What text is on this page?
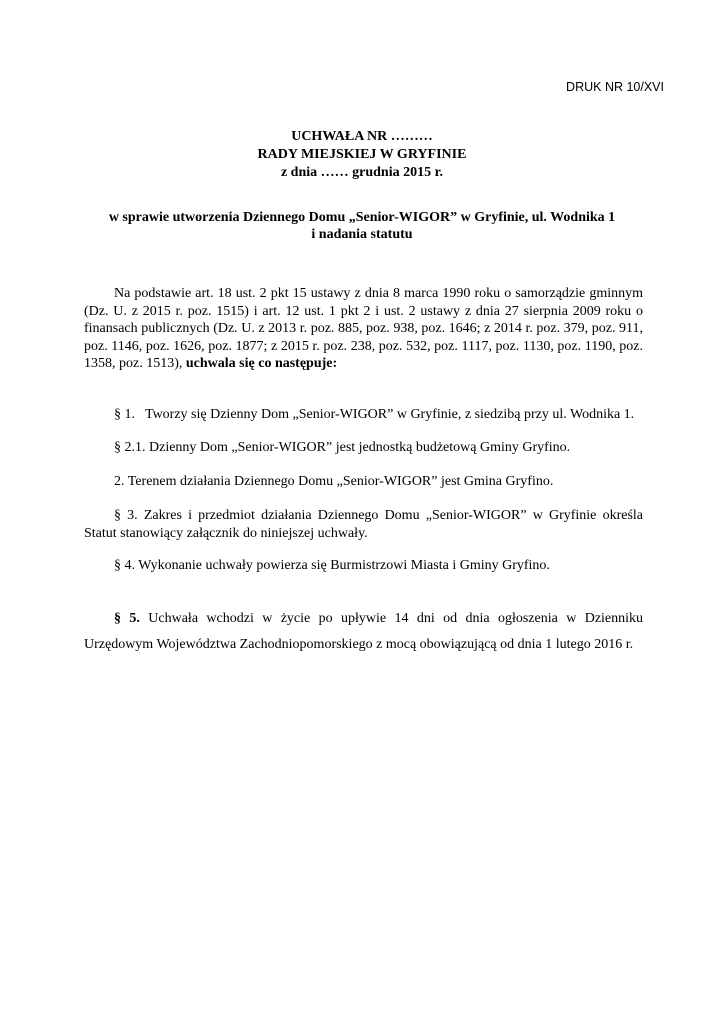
DRUK NR 10/XVI
UCHWAŁA NR ………
RADY MIEJSKIEJ W GRYFINIE
z dnia …… grudnia 2015 r.
w sprawie utworzenia Dziennego Domu „Senior-WIGOR” w Gryfinie, ul. Wodnika 1
i nadania statutu

Na podstawie art. 18 ust. 2 pkt 15 ustawy z dnia 8 marca 1990 roku o samorządzie gminnym (Dz. U. z 2015 r. poz. 1515) i art. 12 ust. 1 pkt 2 i ust. 2 ustawy z dnia 27 sierpnia 2009 roku o finansach publicznych (Dz. U. z 2013 r. poz. 885, poz. 938, poz. 1646; z 2014 r. poz. 379, poz. 911, poz. 1146, poz. 1626, poz. 1877; z 2015 r. poz. 238, poz. 532, poz. 1117, poz. 1130, poz. 1190, poz. 1358, poz. 1513), uchwala się co następuje:

§ 1. Tworzy się Dzienny Dom „Senior-WIGOR” w Gryfinie, z siedzibą przy ul. Wodnika 1.

§ 2.1. Dzienny Dom „Senior-WIGOR” jest jednostką budżetową Gminy Gryfino.

2. Terenem działania Dziennego Domu „Senior-WIGOR” jest Gmina Gryfino.

§ 3. Zakres i przedmiot działania Dziennego Domu „Senior-WIGOR” w Gryfinie określa Statut stanowiący załącznik do niniejszej uchwały.

§ 4. Wykonanie uchwały powierza się Burmistrzowi Miasta i Gminy Gryfino.

§ 5. Uchwała wchodzi w życie po upływie 14 dni od dnia ogłoszenia w Dzienniku Urzędowym Województwa Zachodniopomorskiego z mocą obowiązującą od dnia 1 lutego 2016 r.
